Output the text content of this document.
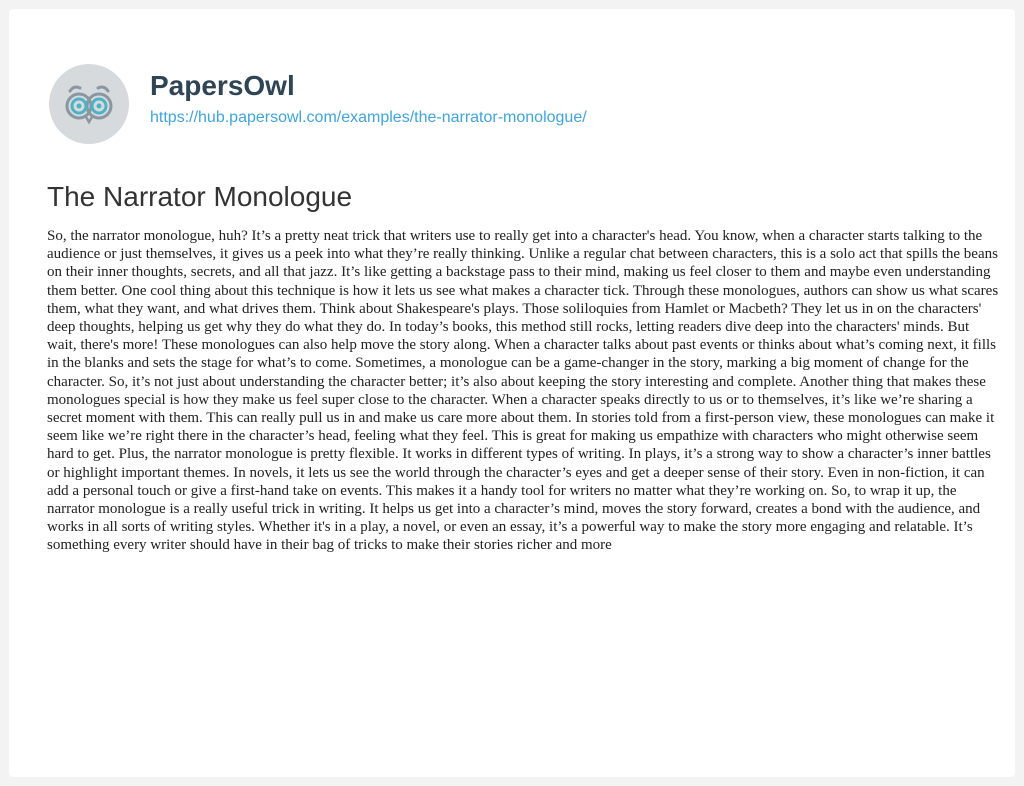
PapersOwl
https://hub.papersowl.com/examples/the-narrator-monologue/
The Narrator Monologue

So, the narrator monologue, huh? It’s a pretty neat trick that writers use to really get into a character's head. You know, when a character starts talking to the audience or just themselves, it gives us a peek into what they’re really thinking. Unlike a regular chat between characters, this is a solo act that spills the beans on their inner thoughts, secrets, and all that jazz. It’s like getting a backstage pass to their mind, making us feel closer to them and maybe even understanding them better. One cool thing about this technique is how it lets us see what makes a character tick. Through these monologues, authors can show us what scares them, what they want, and what drives them. Think about Shakespeare's plays. Those soliloquies from Hamlet or Macbeth? They let us in on the characters' deep thoughts, helping us get why they do what they do. In today’s books, this method still rocks, letting readers dive deep into the characters' minds. But wait, there's more! These monologues can also help move the story along. When a character talks about past events or thinks about what’s coming next, it fills in the blanks and sets the stage for what’s to come. Sometimes, a monologue can be a game-changer in the story, marking a big moment of change for the character. So, it’s not just about understanding the character better; it’s also about keeping the story interesting and complete. Another thing that makes these monologues special is how they make us feel super close to the character. When a character speaks directly to us or to themselves, it’s like we’re sharing a secret moment with them. This can really pull us in and make us care more about them. In stories told from a first-person view, these monologues can make it seem like we’re right there in the character’s head, feeling what they feel. This is great for making us empathize with characters who might otherwise seem hard to get. Plus, the narrator monologue is pretty flexible. It works in different types of writing. In plays, it’s a strong way to show a character’s inner battles or highlight important themes. In novels, it lets us see the world through the character’s eyes and get a deeper sense of their story. Even in non-fiction, it can add a personal touch or give a first-hand take on events. This makes it a handy tool for writers no matter what they’re working on. So, to wrap it up, the narrator monologue is a really useful trick in writing. It helps us get into a character’s mind, moves the story forward, creates a bond with the audience, and works in all sorts of writing styles. Whether it's in a play, a novel, or even an essay, it’s a powerful way to make the story more engaging and relatable. It’s something every writer should have in their bag of tricks to make their stories richer and more
